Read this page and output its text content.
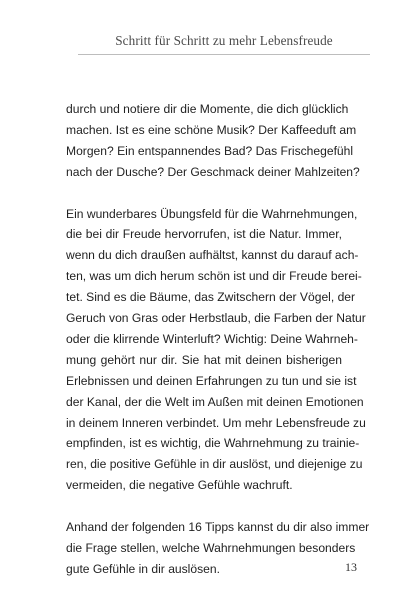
Schritt für Schritt zu mehr Lebensfreude

durch und notiere dir die Momente, die dich glücklich
machen. Ist es eine schöne Musik? Der Kaffeeduft am
Morgen? Ein entspannendes Bad? Das Frischegefühl
nach der Dusche? Der Geschmack deiner Mahlzeiten?

Ein wunderbares Übungsfeld für die Wahrnehmungen,
die bei dir Freude hervorrufen, ist die Natur. Immer,
wenn du dich draußen aufhältst, kannst du darauf ach-
ten, was um dich herum schön ist und dir Freude berei-
tet. Sind es die Bäume, das Zwitschern der Vögel, der
Geruch von Gras oder Herbstlaub, die Farben der Natur
oder die klirrende Winterluft? Wichtig: Deine Wahrneh-
mung gehört nur dir. Sie hat mit deinen bisherigen
Erlebnissen und deinen Erfahrungen zu tun und sie ist
der Kanal, der die Welt im Außen mit deinen Emotionen
in deinem Inneren verbindet. Um mehr Lebensfreude zu
empfinden, ist es wichtig, die Wahrnehmung zu trainie-
ren, die positive Gefühle in dir auslöst, und diejenige zu
vermeiden, die negative Gefühle wachruft.

Anhand der folgenden 16 Tipps kannst du dir also immer
die Frage stellen, welche Wahrnehmungen besonders
gute Gefühle in dir auslösen.	13
